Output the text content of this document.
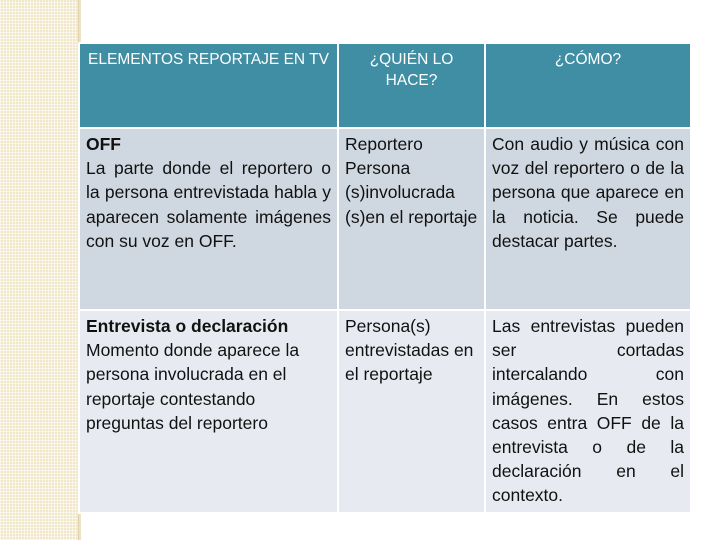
ELEMENTOS REPORTAJE EN TV	¿QUIÉN LO HACE?	¿CÓMO?

OFF
La parte donde el reportero o la persona entrevistada habla y aparecen solamente imágenes con su voz en OFF.	Reportero Persona (s)involucrada (s)en el reportaje	Con audio y música con voz del reportero o de la persona que aparece en la noticia. Se puede destacar partes.

Entrevista o declaración
Momento donde aparece la persona involucrada en el reportaje contestando preguntas del reportero	Persona(s) entrevistadas en el reportaje	Las entrevistas pueden ser cortadas intercalando con imágenes. En estos casos entra OFF de la entrevista o de la declaración en el contexto.
